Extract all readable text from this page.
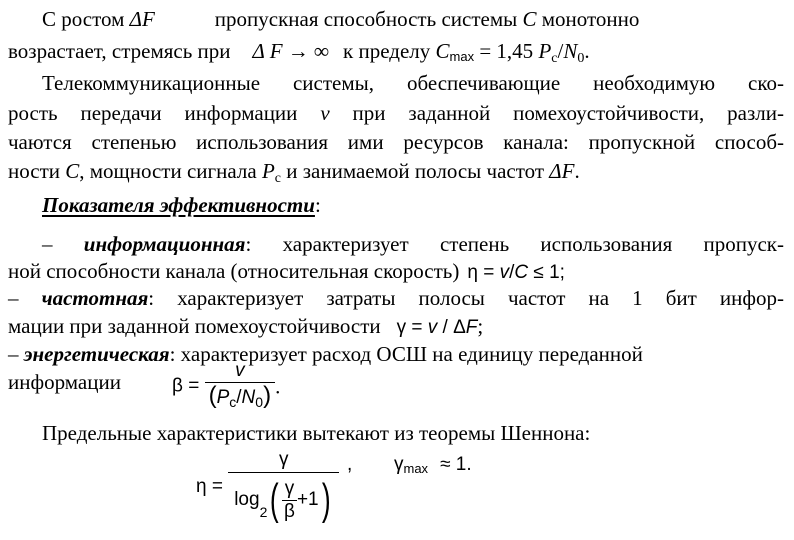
С ростом ΔF	пропускная способность системы C монотонно
возрастает, стремясь при Δ F → ∞ к пределу Cmax = 1,45 $P_c/N_0$.
Телекоммуникационные системы, обеспечивающие необходимую ско-
рость передачи информации v при заданной помехоустойчивости, разли-
чаются степенью использования ими ресурсов канала: пропускной способ-
ности C, мощности сигнала $P_с$ и занимаемой полосы частот ΔF.
Показателя эффективности:
– информационная: характеризует степень использования пропуск-
ной способности канала (относительная скорость) η = v/C ≤ 1;
– частотная: характеризует затраты полосы частот на 1 бит инфор-
мации при заданной помехоустойчивости γ = v / ΔF;
– энергетическая: характеризует расход ОСШ на единицу переданной
информации	$\beta = \frac{v}{(P_c/N_0)}$ .
Предельные характеристики вытекают из теоремы Шеннона:
$\eta = \frac{\gamma}{\log_2( \frac{\gamma}{\beta} +1)}$ , γmax ≈ 1.
